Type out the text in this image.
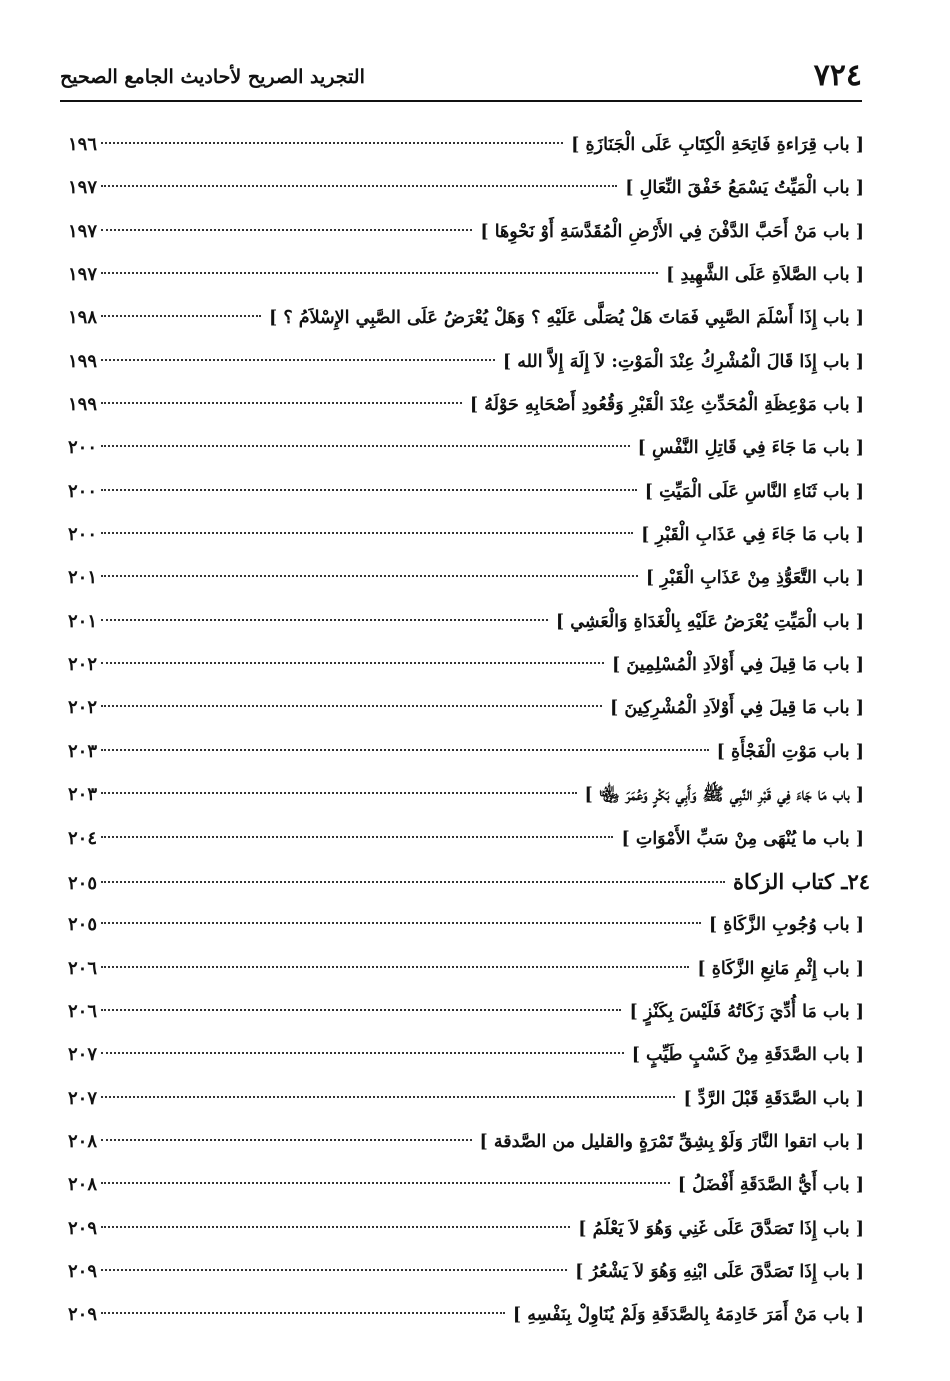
٧٢٤
التجريد الصريح لأحاديث الجامع الصحيح
[ باب قِرَاءةِ فَاتِحَةِ الْكِتَابِ عَلَى الْجَنَازَةِ ]
١٩٦
[ باب الْمَيِّتُ يَسْمَعُ خَفْقَ النِّعَالِ ]
١٩٧
[ باب مَنْ أَحَبَّ الدَّفْنَ فِي الأَرْضِ الْمُقَدَّسَةِ أَوْ نَحْوِهَا ]
١٩٧
[ باب الصَّلاَةِ عَلَى الشَّهِيدِ ]
١٩٧
[ باب إِذَا أَسْلَمَ الصَّبِي فَمَاتَ هَلْ يُصَلَّى عَلَيْهِ ؟ وَهَلْ يُعْرَضُ عَلَى الصَّبِي الإِسْلاَمُ ؟ ]
١٩٨
[ باب إِذَا قَالَ الْمُشْرِكُ عِنْدَ الْمَوْتِ: لاَ إِلَهَ إِلاَّ الله ]
١٩٩
[ باب مَوْعِظَةِ الْمُحَدِّثِ عِنْدَ الْقَبْرِ وَقُعُودِ أَصْحَابِهِ حَوْلَهُ ]
١٩٩
[ باب مَا جَاءَ فِي قَاتِلِ النَّفْسِ ]
٢٠٠
[ باب ثَنَاءِ النَّاسِ عَلَى الْمَيِّتِ ]
٢٠٠
[ باب مَا جَاءَ فِي عَذَابِ الْقَبْرِ ]
٢٠٠
[ باب التَّعَوُّذِ مِنْ عَذَابِ الْقَبْرِ ]
٢٠١
[ باب الْمَيِّتِ يُعْرَضُ عَلَيْهِ بِالْغَدَاةِ وَالْعَشِي ]
٢٠١
[ باب مَا قِيلَ فِي أَوْلاَدِ الْمُسْلِمِينَ ]
٢٠٢
[ باب مَا قِيلَ فِي أَوْلاَدِ الْمُشْرِكِينَ ]
٢٠٢
[ باب مَوْتِ الْفَجْأَةِ ]
٢٠٣
[ باب مَا جَاءَ فِي قَبْرِ النَّبِي ﷺ وَأَبِي بَكْرٍ وَعُمَرَ ﵄ ]
٢٠٣
[ باب ما يُنْهَى مِنْ سَبِّ الأَمْوَاتِ ]
٢٠٤
٢٤ـ كتاب الزكاة
٢٠٥
[ باب وُجُوبِ الزَّكَاةِ ]
٢٠٥
[ باب إِثْمِ مَانِعِ الزَّكَاةِ ]
٢٠٦
[ باب مَا أُدِّيَ زَكَاتُهُ فَلَيْسَ بِكَنْزٍ ]
٢٠٦
[ باب الصَّدَقَةِ مِنْ كَسْبٍ طَيِّبٍ ]
٢٠٧
[ باب الصَّدَقَةِ قَبْلَ الرَّدِّ ]
٢٠٧
[ باب اتقوا النَّارَ وَلَوْ بِشِقِّ تَمْرَةٍ والقليل من الصَّدقة ]
٢٠٨
[ باب أَيُّ الصَّدَقَةِ أَفْضَلُ ]
٢٠٨
[ باب إِذَا تَصَدَّقَ عَلَى غَنِي وَهُوَ لاَ يَعْلَمُ ]
٢٠٩
[ باب إِذَا تَصَدَّقَ عَلَى ابْنِهِ وَهُوَ لاَ يَشْعُرُ ]
٢٠٩
[ باب مَنْ أَمَرَ خَادِمَهُ بِالصَّدَقَةِ وَلَمْ يُنَاوِلْ بِنَفْسِهِ ]
٢٠٩
